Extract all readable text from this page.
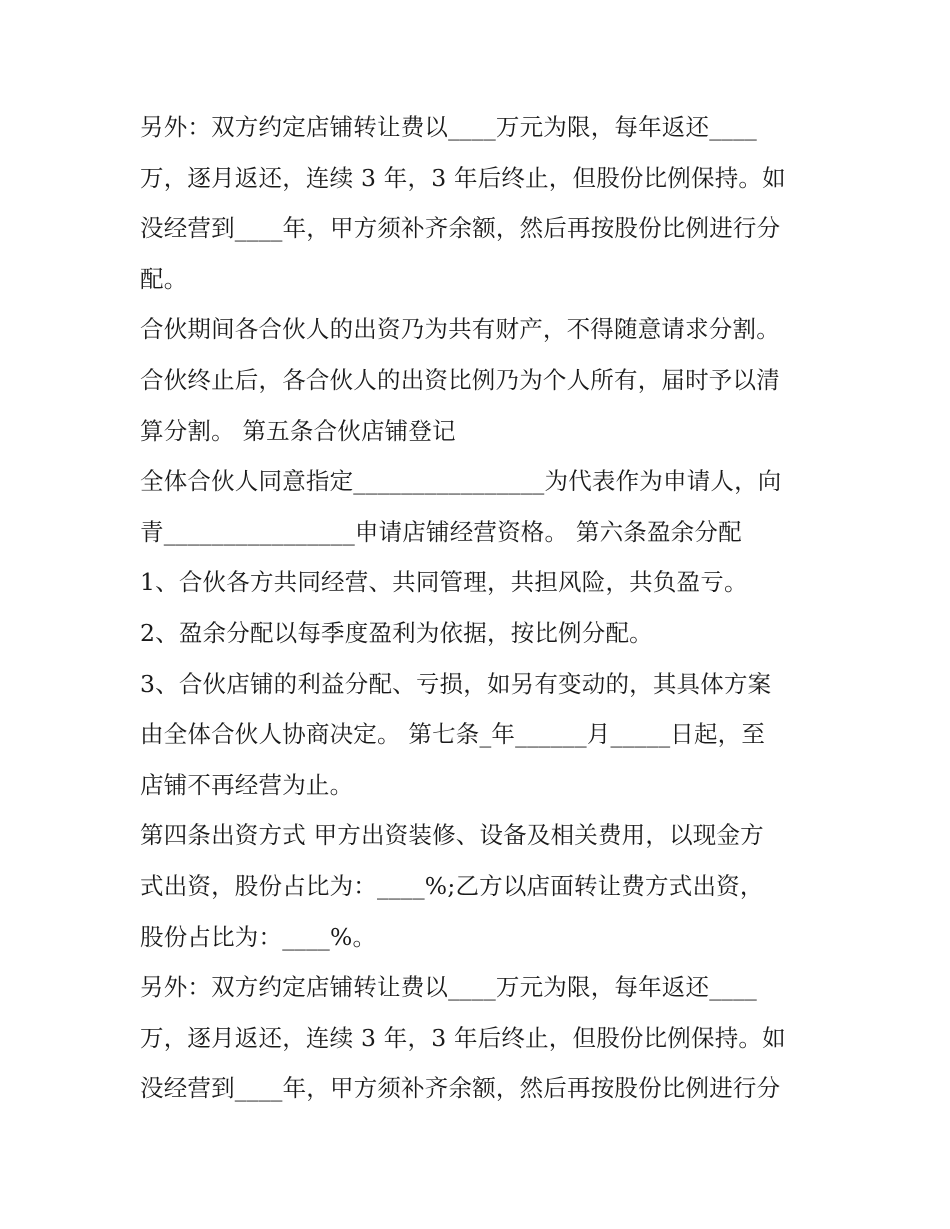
另外：双方约定店铺转让费以____万元为限，每年返还____
万，逐月返还，连续 3 年，3 年后终止，但股份比例保持。如
没经营到____年，甲方须补齐余额，然后再按股份比例进行分
配。
合伙期间各合伙人的出资乃为共有财产，不得随意请求分割。
合伙终止后，各合伙人的出资比例乃为个人所有，届时予以清
算分割。 第五条合伙店铺登记
全体合伙人同意指定________________为代表作为申请人，向
青________________申请店铺经营资格。 第六条盈余分配
1、合伙各方共同经营、共同管理，共担风险，共负盈亏。
2、盈余分配以每季度盈利为依据，按比例分配。
3、合伙店铺的利益分配、亏损，如另有变动的，其具体方案
由全体合伙人协商决定。 第七条_年______月_____日起，至
店铺不再经营为止。
第四条出资方式 甲方出资装修、设备及相关费用，以现金方
式出资，股份占比为：____%;乙方以店面转让费方式出资，
股份占比为：____%。
另外：双方约定店铺转让费以____万元为限，每年返还____
万，逐月返还，连续 3 年，3 年后终止，但股份比例保持。如
没经营到____年，甲方须补齐余额，然后再按股份比例进行分
